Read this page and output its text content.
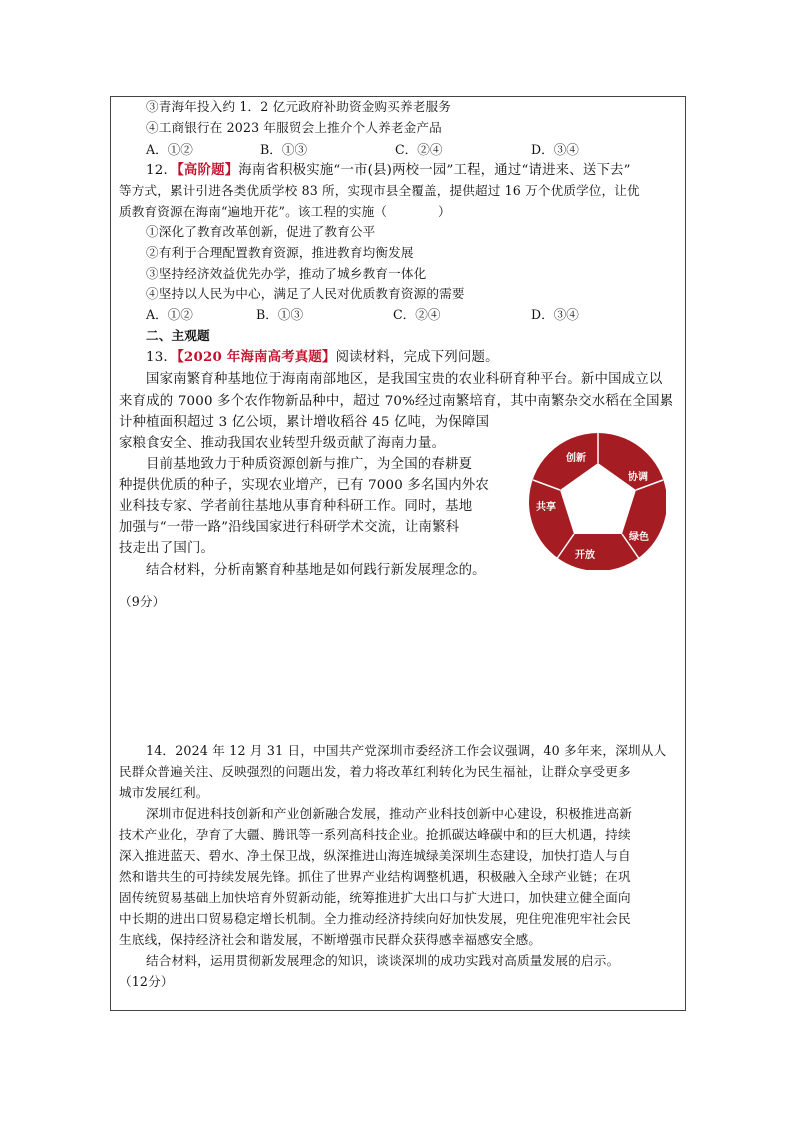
③青海年投入约 1．2 亿元政府补助资金购买养老服务
④工商银行在 2023 年服贸会上推介个人养老金产品
A．①②	B．①③	C．②④	D．③④
12．【高阶题】海南省积极实施“一市(县)两校一园”工程，通过“请进来、送下去”
等方式，累计引进各类优质学校 83 所，实现市县全覆盖，提供超过 16 万个优质学位，让优
质教育资源在海南“遍地开花”。该工程的实施（　　　　）
①深化了教育改革创新，促进了教育公平
②有利于合理配置教育资源，推进教育均衡发展
③坚持经济效益优先办学，推动了城乡教育一体化
④坚持以人民为中心，满足了人民对优质教育资源的需要
A．①②	B．①③	C．②④	D．③④
二、主观题
13．【2020 年海南高考真题】阅读材料，完成下列问题。
国家南繁育种基地位于海南南部地区，是我国宝贵的农业科研育种平台。新中国成立以
来育成的 7000 多个农作物新品种中，超过 70%经过南繁培育，其中南繁杂交水稻在全国累
计种植面积超过 3 亿公顷，累计增收稻谷 45 亿吨，为保障国
家粮食安全、推动我国农业转型升级贡献了海南力量。
目前基地致力于种质资源创新与推广，为全国的春耕夏
种提供优质的种子，实现农业增产，已有 7000 多名国内外农
业科技专家、学者前往基地从事育种科研工作。同时，基地
加强与“一带一路”沿线国家进行科研学术交流，让南繁科
技走出了国门。
结合材料，分析南繁育种基地是如何践行新发展理念的。
（9分）
创新
协调
绿色
开放
共享
14．2024 年 12 月 31 日，中国共产党深圳市委经济工作会议强调，40 多年来，深圳从人
民群众普遍关注、反映强烈的问题出发，着力将改革红利转化为民生福祉，让群众享受更多
城市发展红利。
深圳市促进科技创新和产业创新融合发展，推动产业科技创新中心建设，积极推进高新
技术产业化，孕育了大疆、腾讯等一系列高科技企业。抢抓碳达峰碳中和的巨大机遇，持续
深入推进蓝天、碧水、净土保卫战，纵深推进山海连城绿美深圳生态建设，加快打造人与自
然和谐共生的可持续发展先锋。抓住了世界产业结构调整机遇，积极融入全球产业链；在巩
固传统贸易基础上加快培育外贸新动能，统筹推进扩大出口与扩大进口，加快建立健全面向
中长期的进出口贸易稳定增长机制。全力推动经济持续向好加快发展，兜住兜准兜牢社会民
生底线，保持经济社会和谐发展，不断增强市民群众获得感幸福感安全感。
结合材料，运用贯彻新发展理念的知识，谈谈深圳的成功实践对高质量发展的启示。
（12分）
